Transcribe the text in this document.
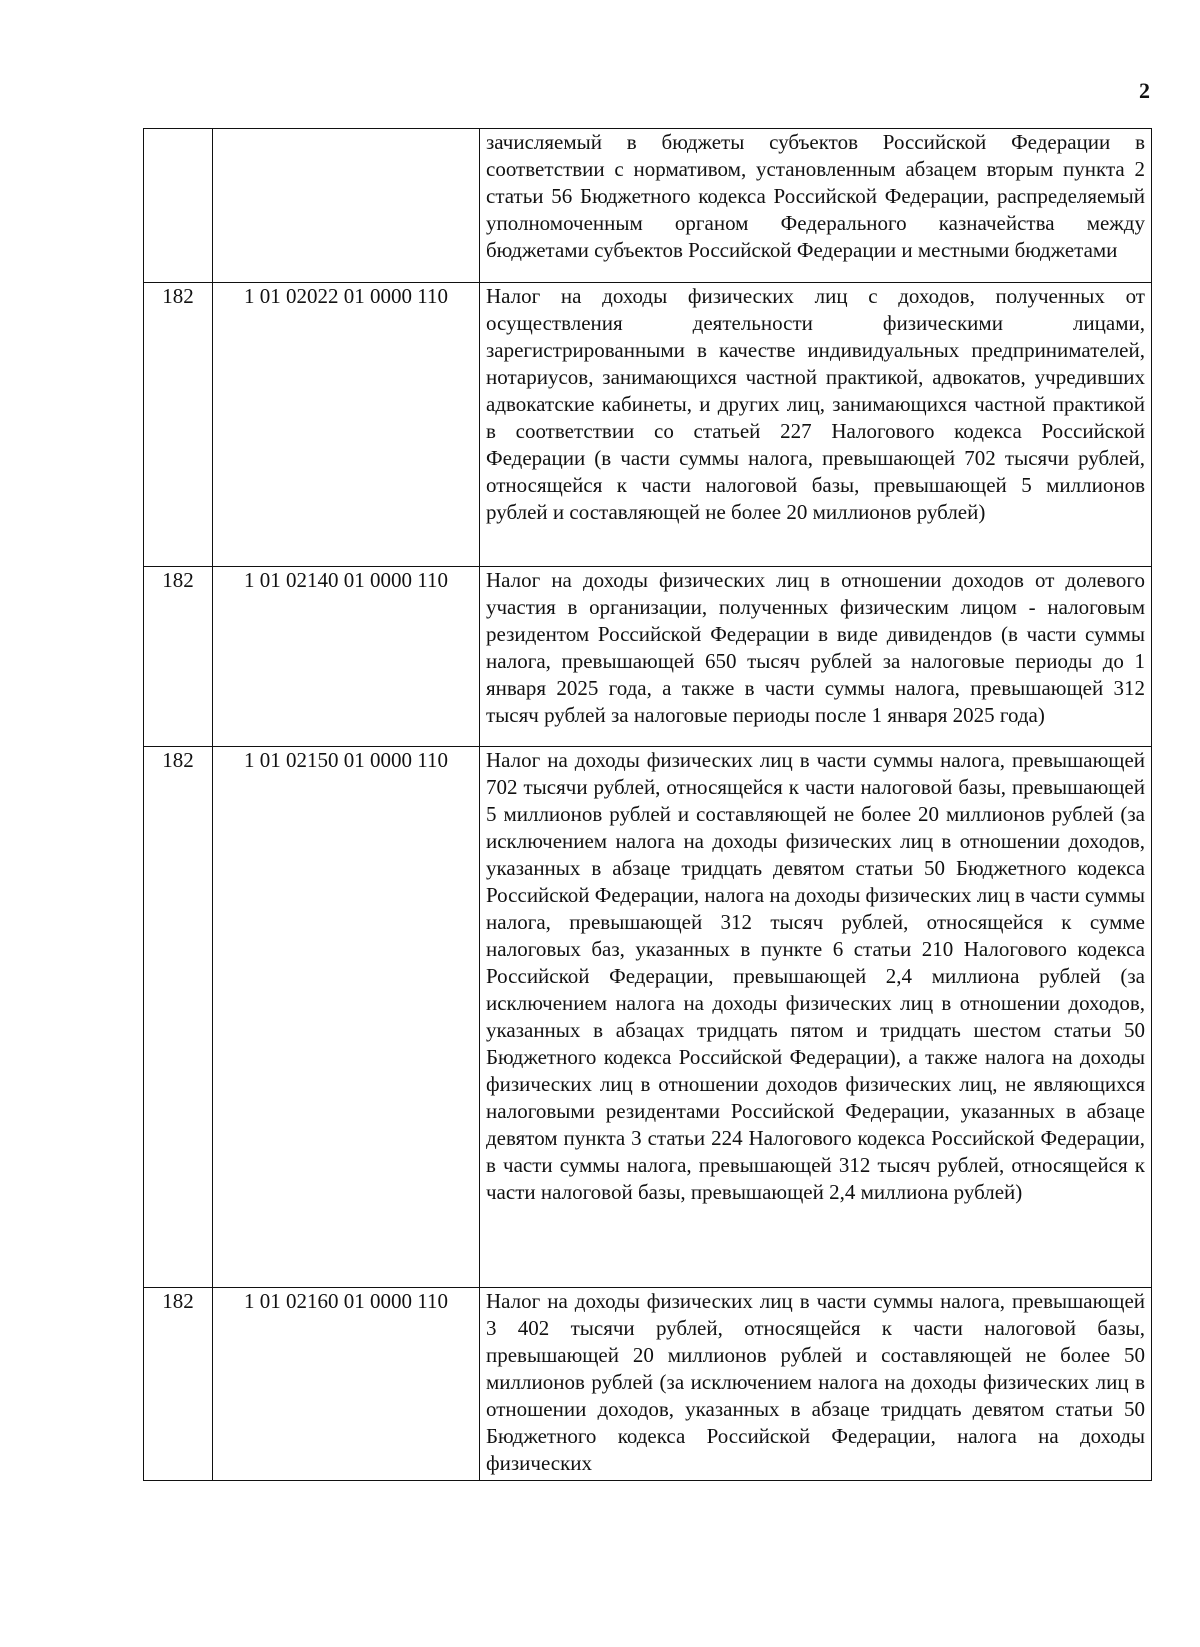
2
		зачисляемый в бюджеты субъектов Российской Федерации в соответствии с нормативом, установленным абзацем вторым пункта 2 статьи 56 Бюджетного кодекса Российской Федерации, распределяемый уполномоченным органом Федерального казначейства между бюджетами субъектов Российской Федерации и местными бюджетами
182	1 01 02022 01 0000 110	Налог на доходы физических лиц с доходов, полученных от осуществления деятельности физическими лицами, зарегистрированными в качестве индивидуальных предпринимателей, нотариусов, занимающихся частной практикой, адвокатов, учредивших адвокатские кабинеты, и других лиц, занимающихся частной практикой в соответствии со статьей 227 Налогового кодекса Российской Федерации (в части суммы налога, превышающей 702 тысячи рублей, относящейся к части налоговой базы, превышающей 5 миллионов рублей и составляющей не более 20 миллионов рублей)
182	1 01 02140 01 0000 110	Налог на доходы физических лиц в отношении доходов от долевого участия в организации, полученных физическим лицом - налоговым резидентом Российской Федерации в виде дивидендов (в части суммы налога, превышающей 650 тысяч рублей за налоговые периоды до 1 января 2025 года, а также в части суммы налога, превышающей 312 тысяч рублей за налоговые периоды после 1 января 2025 года)
182	1 01 02150 01 0000 110	Налог на доходы физических лиц в части суммы налога, превышающей 702 тысячи рублей, относящейся к части налоговой базы, превышающей 5 миллионов рублей и составляющей не более 20 миллионов рублей (за исключением налога на доходы физических лиц в отношении доходов, указанных в абзаце тридцать девятом статьи 50 Бюджетного кодекса Российской Федерации, налога на доходы физических лиц в части суммы налога, превышающей 312 тысяч рублей, относящейся к сумме налоговых баз, указанных в пункте 6 статьи 210 Налогового кодекса Российской Федерации, превышающей 2,4 миллиона рублей (за исключением налога на доходы физических лиц в отношении доходов, указанных в абзацах тридцать пятом и тридцать шестом статьи 50 Бюджетного кодекса Российской Федерации), а также налога на доходы физических лиц в отношении доходов физических лиц, не являющихся налоговыми резидентами Российской Федерации, указанных в абзаце девятом пункта 3 статьи 224 Налогового кодекса Российской Федерации, в части суммы налога, превышающей 312 тысяч рублей, относящейся к части налоговой базы, превышающей 2,4 миллиона рублей)
182	1 01 02160 01 0000 110	Налог на доходы физических лиц в части суммы налога, превышающей 3 402 тысячи рублей, относящейся к части налоговой базы, превышающей 20 миллионов рублей и составляющей не более 50 миллионов рублей (за исключением налога на доходы физических лиц в отношении доходов, указанных в абзаце тридцать девятом статьи 50 Бюджетного кодекса Российской Федерации, налога на доходы физических
